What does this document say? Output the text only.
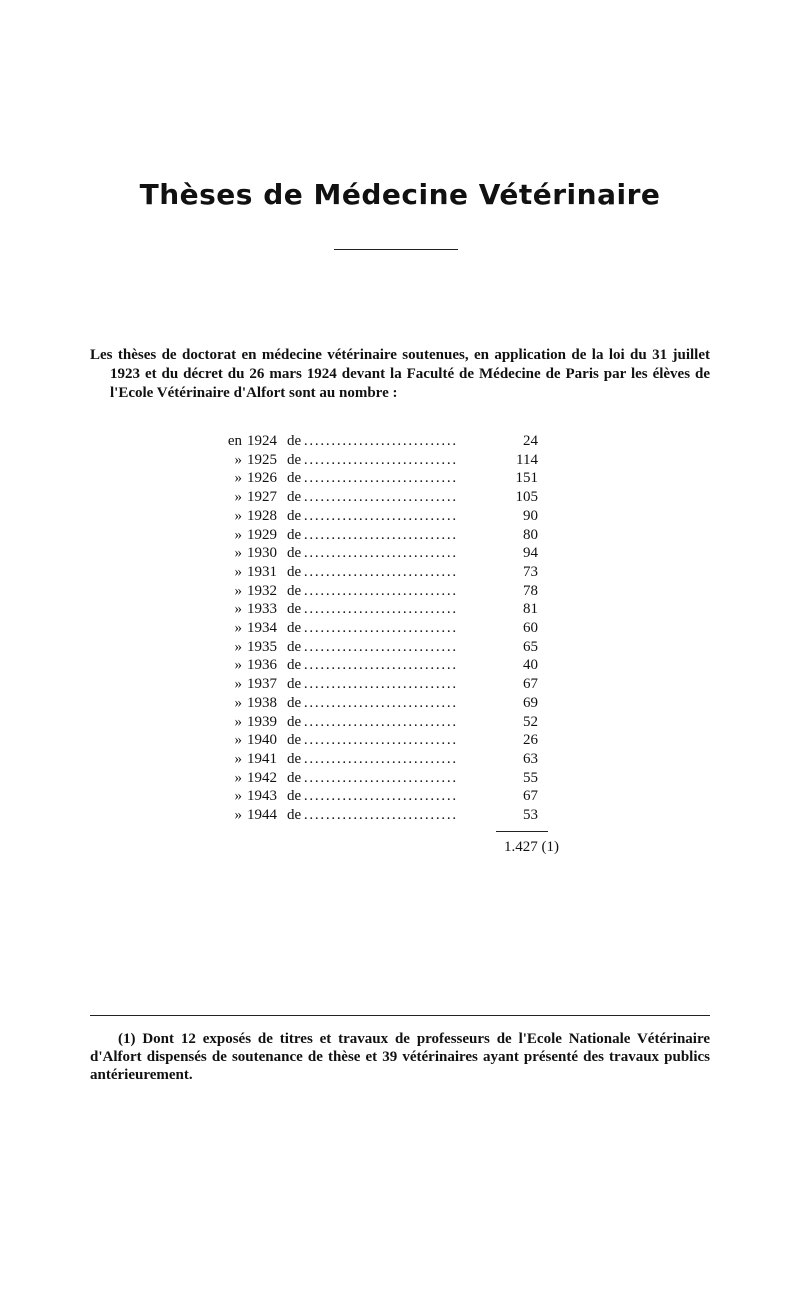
Thèses de Médecine Vétérinaire
Les thèses de doctorat en médecine vétérinaire soutenues, en application de la loi du 31 juillet 1923 et du décret du 26 mars 1924 devant la Faculté de Médecine de Paris par les élèves de l'Ecole Vétérinaire d'Alfort sont au nombre :
en 1924 de . . .	24
» 1925 de . . .	114
» 1926 de . . .	151
» 1927 de . . .	105
» 1928 de . . .	90
» 1929 de . . .	80
» 1930 de . . .	94
» 1931 de . . .	73
» 1932 de . . .	78
» 1933 de . . .	81
» 1934 de . . .	60
» 1935 de . . .	65
» 1936 de . . .	40
» 1937 de . . .	67
» 1938 de . . .	69
» 1939 de . . .	52
» 1940 de . . .	26
» 1941 de . . .	63
» 1942 de . . .	55
» 1943 de . . .	67
» 1944 de . . .	53
1.427 (1)
(1) Dont 12 exposés de titres et travaux de professeurs de l'Ecole Nationale Vétérinaire d'Alfort dispensés de soutenance de thèse et 39 vétérinaires ayant présenté des travaux publics antérieurement.
